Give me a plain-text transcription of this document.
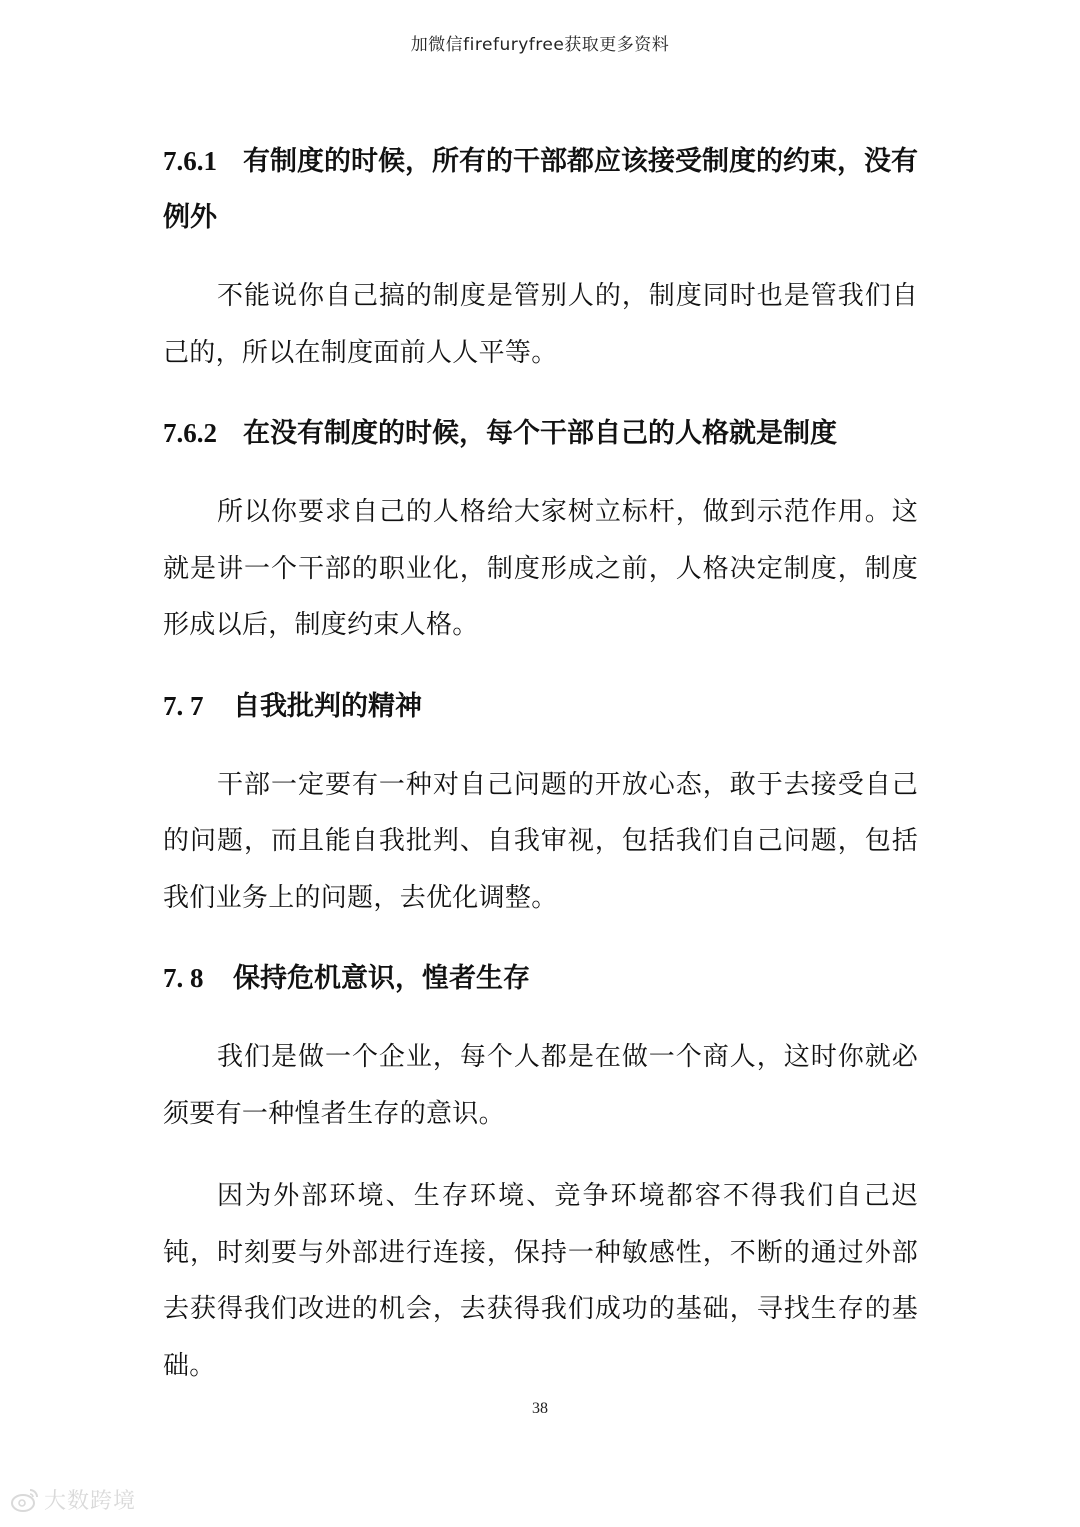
加微信firefuryfree获取更多资料
7.6.1 有制度的时候，所有的干部都应该接受制度的约束，没有
例外

不能说你自己搞的制度是管别人的，制度同时也是管我们自己的，所以在制度面前人人平等。

7.6.2 在没有制度的时候，每个干部自己的人格就是制度

所以你要求自己的人格给大家树立标杆，做到示范作用。这就是讲一个干部的职业化，制度形成之前，人格决定制度，制度形成以后，制度约束人格。

7. 7 自我批判的精神

干部一定要有一种对自己问题的开放心态，敢于去接受自己的问题，而且能自我批判、自我审视，包括我们自己问题，包括我们业务上的问题，去优化调整。

7. 8 保持危机意识，惶者生存

我们是做一个企业，每个人都是在做一个商人，这时你就必须要有一种惶者生存的意识。

因为外部环境、生存环境、竞争环境都容不得我们自己迟钝，时刻要与外部进行连接，保持一种敏感性，不断的通过外部去获得我们改进的机会，去获得我们成功的基础，寻找生存的基础。

38
大数跨境
